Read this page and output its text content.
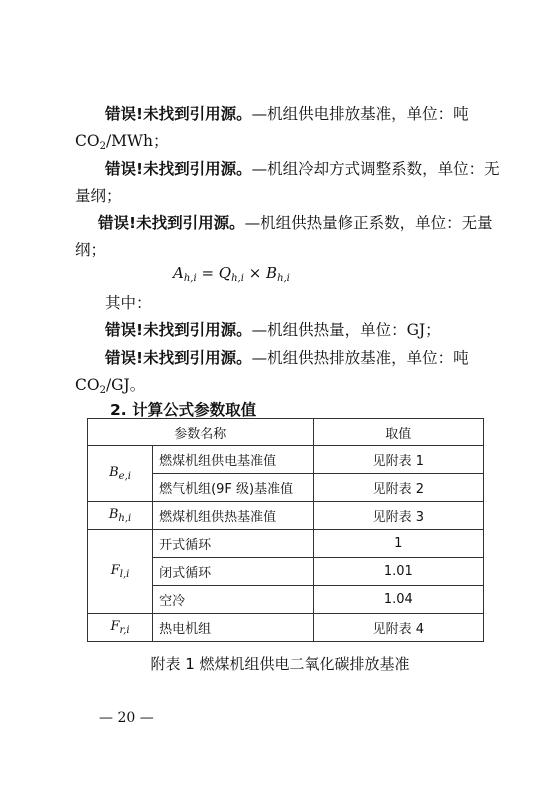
错误!未找到引用源。—机组供电排放基准，单位：吨
$CO_2$/MWh；
错误!未找到引用源。—机组冷却方式调整系数，单位：无
量纲；
错误!未找到引用源。—机组供热量修正系数，单位：无量
纲；
$A_{h,i} = Q_{h,i} \times B_{h,i}$
其中：
错误!未找到引用源。—机组供热量，单位：GJ；
错误!未找到引用源。—机组供热排放基准，单位：吨
$CO_2/GJ$。
2. 计算公式参数取值
参数名称		取值
$B_{e,i}$	燃煤机组供电基准值	见附表 1
	燃气机组(9F 级)基准值	见附表 2
$B_{h,i}$	燃煤机组供热基准值	见附表 3
$F_{l,i}$	开式循环	1
	闭式循环	1.01
	空冷	1.04
$F_{r,i}$	热电机组	见附表 4
附表 1 燃煤机组供电二氧化碳排放基准
— 20 —
